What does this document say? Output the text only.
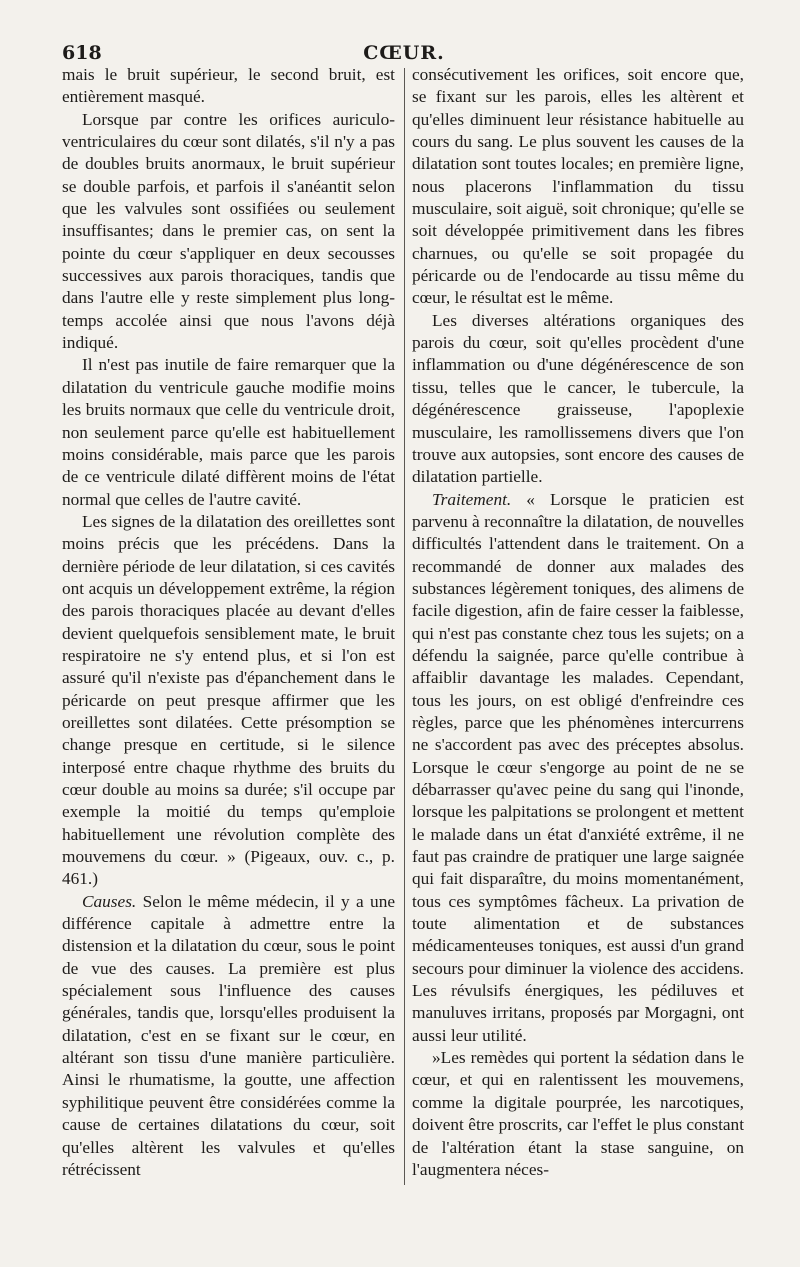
618	CŒUR.

mais le bruit supérieur, le second bruit, est entièrement masqué.

Lorsque par contre les orifices auriculo-ventriculaires du cœur sont dilatés, s'il n'y a pas de doubles bruits anormaux, le bruit supérieur se double parfois, et parfois il s'anéantit selon que les valvules sont ossifiées ou seulement insuffisantes; dans le premier cas, on sent la pointe du cœur s'appliquer en deux secousses successives aux parois thoraciques, tandis que dans l'autre elle y reste simplement plus long-temps accolée ainsi que nous l'avons déjà indiqué.

Il n'est pas inutile de faire remarquer que la dilatation du ventricule gauche modifie moins les bruits normaux que celle du ventricule droit, non seulement parce qu'elle est habituellement moins considérable, mais parce que les parois de ce ventricule dilaté diffèrent moins de l'état normal que celles de l'autre cavité.

Les signes de la dilatation des oreillettes sont moins précis que les précédens. Dans la dernière période de leur dilatation, si ces cavités ont acquis un développement extrême, la région des parois thoraciques placée au devant d'elles devient quelquefois sensiblement mate, le bruit respiratoire ne s'y entend plus, et si l'on est assuré qu'il n'existe pas d'épanchement dans le péricarde on peut presque affirmer que les oreillettes sont dilatées. Cette présomption se change presque en certitude, si le silence interposé entre chaque rhythme des bruits du cœur double au moins sa durée; s'il occupe par exemple la moitié du temps qu'emploie habituellement une révolution complète des mouvemens du cœur. » (Pigeaux, ouv. c., p. 461.)

Causes. Selon le même médecin, il y a une différence capitale à admettre entre la distension et la dilatation du cœur, sous le point de vue des causes. La première est plus spécialement sous l'influence des causes générales, tandis que, lorsqu'elles produisent la dilatation, c'est en se fixant sur le cœur, en altérant son tissu d'une manière particulière. Ainsi le rhumatisme, la goutte, une affection syphilitique peuvent être considérées comme la cause de certaines dilatations du cœur, soit qu'elles altèrent les valvules et qu'elles rétrécissent

consécutivement les orifices, soit encore que, se fixant sur les parois, elles les altèrent et qu'elles diminuent leur résistance habituelle au cours du sang. Le plus souvent les causes de la dilatation sont toutes locales; en première ligne, nous placerons l'inflammation du tissu musculaire, soit aiguë, soit chronique; qu'elle se soit développée primitivement dans les fibres charnues, ou qu'elle se soit propagée du péricarde ou de l'endocarde au tissu même du cœur, le résultat est le même.

Les diverses altérations organiques des parois du cœur, soit qu'elles procèdent d'une inflammation ou d'une dégénérescence de son tissu, telles que le cancer, le tubercule, la dégénérescence graisseuse, l'apoplexie musculaire, les ramollissemens divers que l'on trouve aux autopsies, sont encore des causes de dilatation partielle.

Traitement. « Lorsque le praticien est parvenu à reconnaître la dilatation, de nouvelles difficultés l'attendent dans le traitement. On a recommandé de donner aux malades des substances légèrement toniques, des alimens de facile digestion, afin de faire cesser la faiblesse, qui n'est pas constante chez tous les sujets; on a défendu la saignée, parce qu'elle contribue à affaiblir davantage les malades. Cependant, tous les jours, on est obligé d'enfreindre ces règles, parce que les phénomènes intercurrens ne s'accordent pas avec des préceptes absolus. Lorsque le cœur s'engorge au point de ne se débarrasser qu'avec peine du sang qui l'inonde, lorsque les palpitations se prolongent et mettent le malade dans un état d'anxiété extrême, il ne faut pas craindre de pratiquer une large saignée qui fait disparaître, du moins momentanément, tous ces symptômes fâcheux. La privation de toute alimentation et de substances médicamenteuses toniques, est aussi d'un grand secours pour diminuer la violence des accidens. Les révulsifs énergiques, les pédiluves et manuluves irritans, proposés par Morgagni, ont aussi leur utilité.

»Les remèdes qui portent la sédation dans le cœur, et qui en ralentissent les mouvemens, comme la digitale pourprée, les narcotiques, doivent être proscrits, car l'effet le plus constant de l'altération étant la stase sanguine, on l'augmentera néces-
